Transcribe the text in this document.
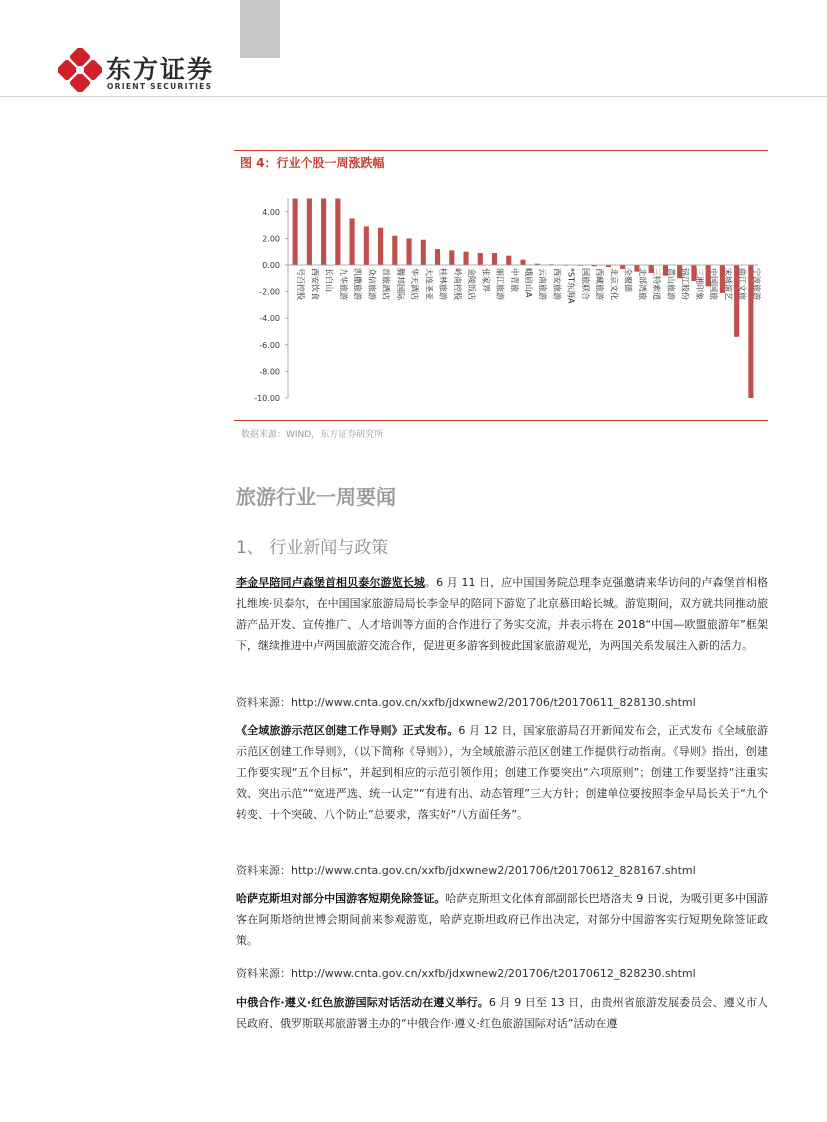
东方证券
ORIENT SECURITIES
图 4：行业个股一周涨跌幅
4.00
2.00
0.00
-2.00
-4.00
-6.00
-8.00
-10.00
号百控股 西安饮食 长白山 九华旅游 凯撒旅游 众信旅游 首旅酒店 腾邦国际 华天酒店 大连圣亚 桂林旅游 岭南控股 金陵饭店 张家界 丽江旅游 中青旅 峨眉山A 云南旅游 西安旅游 *ST东海A 国旅联合 西藏旅游 北京文化 全聚德 北部湾旅 三特索道 黄山旅游 锦江股份 三湘印象 中国国旅 宋城演艺 曲江文旅 宁波旅游
数据来源：WIND，东方证券研究所
旅游行业一周要闻
1、 行业新闻与政策

李金早陪同卢森堡首相贝泰尔游览长城。6 月 11 日，应中国国务院总理李克强邀请来华访问的卢森堡首相格扎维埃·贝泰尔，在中国国家旅游局局长李金早的陪同下游览了北京慕田峪长城。游览期间，双方就共同推动旅游产品开发、宣传推广、人才培训等方面的合作进行了务实交流，并表示将在 2018“中国—欧盟旅游年”框架下，继续推进中卢两国旅游交流合作，促进更多游客到彼此国家旅游观光，为两国关系发展注入新的活力。

资料来源：http://www.cnta.gov.cn/xxfb/jdxwnew2/201706/t20170611_828130.shtml

《全域旅游示范区创建工作导则》正式发布。6 月 12 日，国家旅游局召开新闻发布会，正式发布《全域旅游示范区创建工作导则》，（以下简称《导则》），为全域旅游示范区创建工作提供行动指南。《导则》指出，创建工作要实现“五个目标”，并起到相应的示范引领作用；创建工作要突出“六项原则”；创建工作要坚持“注重实效、突出示范”“宽进严选、统一认定”“有进有出、动态管理”三大方针；创建单位要按照李金早局长关于“九个转变、十个突破、八个防止”总要求，落实好“八方面任务”。

资料来源：http://www.cnta.gov.cn/xxfb/jdxwnew2/201706/t20170612_828167.shtml

哈萨克斯坦对部分中国游客短期免除签证。哈萨克斯坦文化体育部副部长巴塔洛夫 9 日说，为吸引更多中国游客在阿斯塔纳世博会期间前来参观游览，哈萨克斯坦政府已作出决定，对部分中国游客实行短期免除签证政策。

资料来源：http://www.cnta.gov.cn/xxfb/jdxwnew2/201706/t20170612_828230.shtml

中俄合作·遵义·红色旅游国际对话活动在遵义举行。6 月 9 日至 13 日，由贵州省旅游发展委员会、遵义市人民政府、俄罗斯联邦旅游署主办的“中俄合作·遵义·红色旅游国际对话”活动在遵
